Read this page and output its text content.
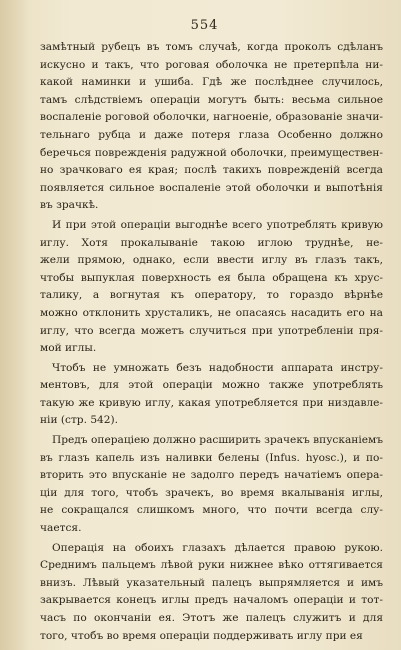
554
замѣтный рубецъ въ томъ случаѣ, когда проколъ сдѣланъ
искусно и такъ, что роговая оболочка не претерпѣла ни-
какой наминки и ушиба. Гдѣ же послѣднее случилось,
тамъ слѣдствіемъ операціи могутъ быть: весьма сильное
воспаленіе роговой оболочки, нагноеніе, образованіе значи-
тельнаго рубца и даже потеря глаза Особенно должно
беречься поврежденія радужной оболочки, преимуществен-
но зрачковаго ея края; послѣ такихъ поврежденій всегда
появляется сильное воспаленіе этой оболочки и выпотѣнія
въ зрачкѣ.
И при этой операціи выгоднѣе всего употреблять кривую
иглу. Хотя прокалываніе такою иглою труднѣе, не-
жели прямою, однако, если ввести иглу въ глазъ такъ,
чтобы выпуклая поверхность ея была обращена къ хрус-
талику, а вогнутая къ оператору, то гораздо вѣрнѣе
можно отклонить хрусталикъ, не опасаясь насадить его на
иглу, что всегда можетъ случиться при употребленіи пря-
мой иглы.
Чтобъ не умножать безъ надобности аппарата инстру-
ментовъ, для этой операціи можно также употреблять
такую же кривую иглу, какая употребляется при низдавле-
ніи (стр. 542).
Предъ операціею должно расширить зрачекъ впусканіемъ
въ глазъ капель изъ наливки белены (Infus. hyosc.), и по-
вторить это впусканіе не задолго передъ начатіемъ опера-
ціи для того, чтобъ зрачекъ, во время вкалыванія иглы,
не сокращался слишкомъ много, что почти всегда слу-
чается.
Операція на обоихъ глазахъ дѣлается правою рукою.
Среднимъ пальцемъ лѣвой руки нижнее вѣко оттягивается
внизъ. Лѣвый указательный палецъ выпрямляется и имъ
закрывается конецъ иглы предъ началомъ операціи и тот-
часъ по окончаніи ея. Этотъ же палецъ служитъ и для
того, чтобъ во время операціи поддерживать иглу при ея
